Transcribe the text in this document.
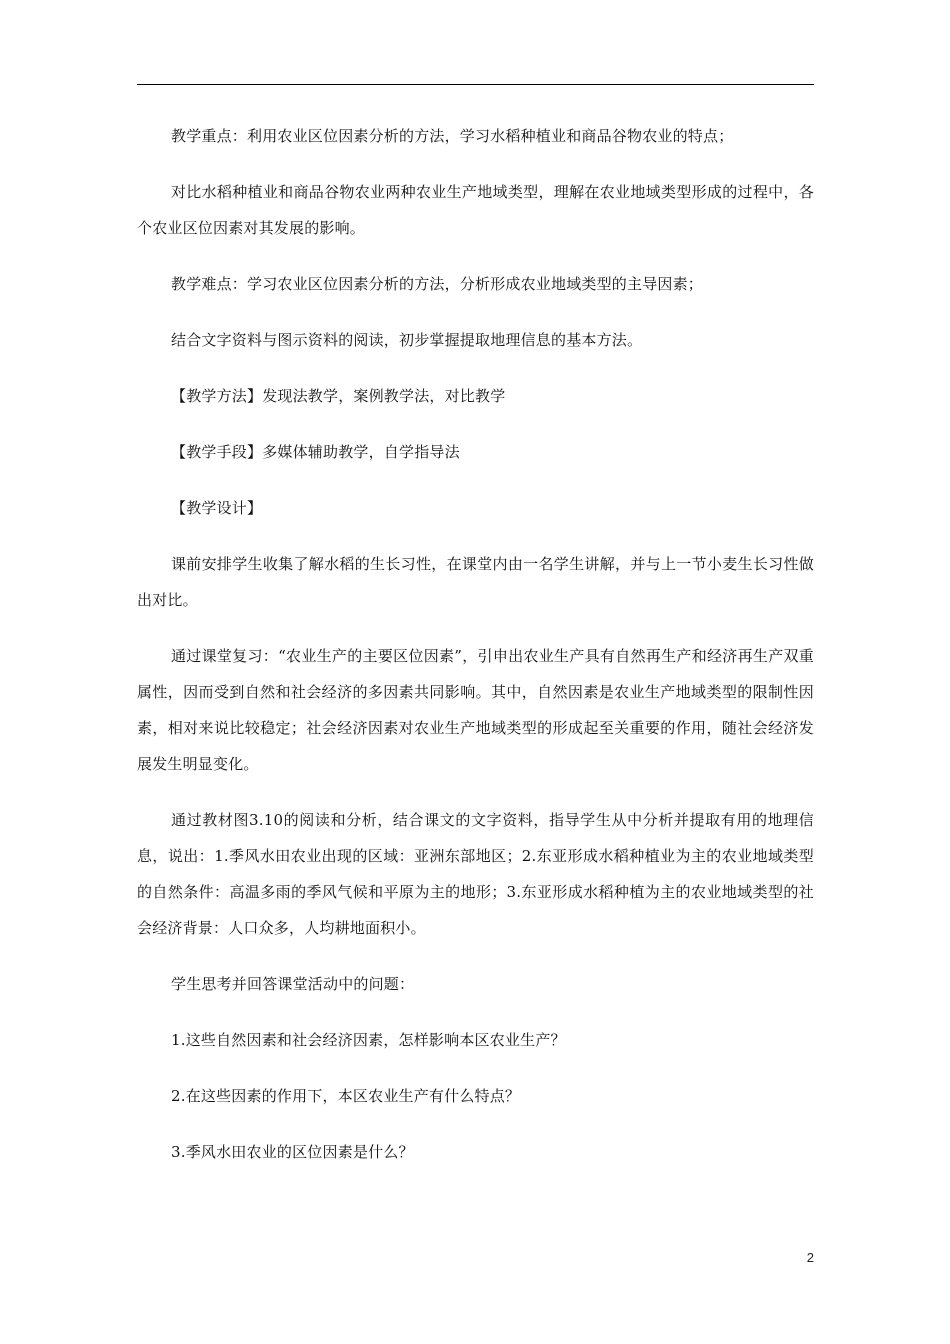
教学重点：利用农业区位因素分析的方法，学习水稻种植业和商品谷物农业的特点；

对比水稻种植业和商品谷物农业两种农业生产地域类型，理解在农业地域类型形成的过程中，各个农业区位因素对其发展的影响。

教学难点：学习农业区位因素分析的方法，分析形成农业地域类型的主导因素；

结合文字资料与图示资料的阅读，初步掌握提取地理信息的基本方法。

【教学方法】发现法教学，案例教学法，对比教学

【教学手段】多媒体辅助教学，自学指导法

【教学设计】

课前安排学生收集了解水稻的生长习性，在课堂内由一名学生讲解，并与上一节小麦生长习性做出对比。

通过课堂复习：“农业生产的主要区位因素”，引申出农业生产具有自然再生产和经济再生产双重属性，因而受到自然和社会经济的多因素共同影响。其中，自然因素是农业生产地域类型的限制性因素，相对来说比较稳定；社会经济因素对农业生产地域类型的形成起至关重要的作用，随社会经济发展发生明显变化。

通过教材图3.10的阅读和分析，结合课文的文字资料，指导学生从中分析并提取有用的地理信息，说出：1.季风水田农业出现的区域：亚洲东部地区；2.东亚形成水稻种植业为主的农业地域类型的自然条件：高温多雨的季风气候和平原为主的地形；3.东亚形成水稻种植为主的农业地域类型的社会经济背景：人口众多，人均耕地面积小。

学生思考并回答课堂活动中的问题：

1.这些自然因素和社会经济因素，怎样影响本区农业生产？

2.在这些因素的作用下，本区农业生产有什么特点？

3.季风水田农业的区位因素是什么？

2
